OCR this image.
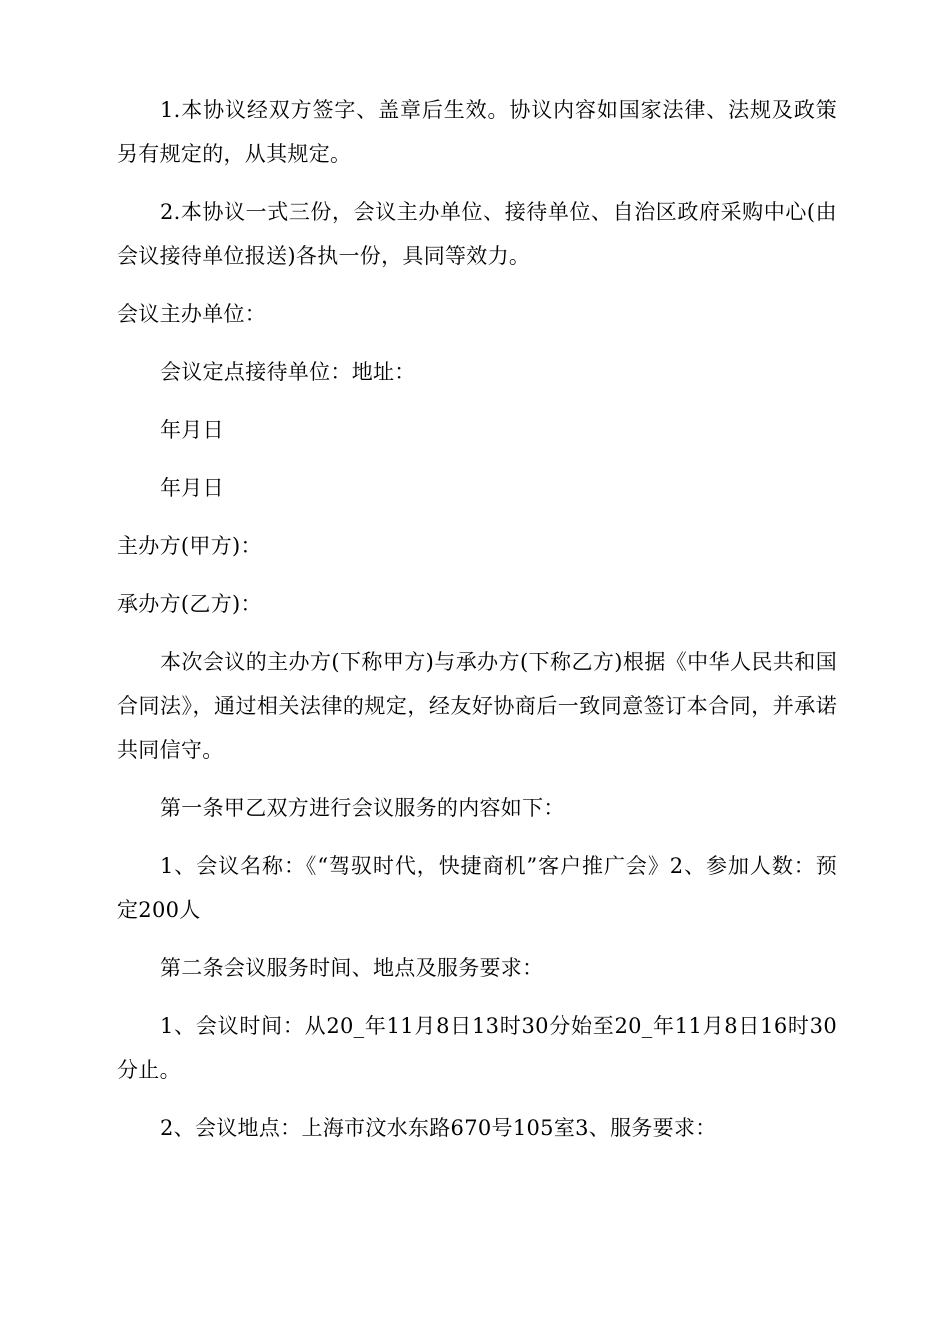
1.本协议经双方签字、盖章后生效。协议内容如国家法律、法规及政策另有规定的，从其规定。

2.本协议一式三份，会议主办单位、接待单位、自治区政府采购中心(由会议接待单位报送)各执一份，具同等效力。

会议主办单位：

会议定点接待单位：地址：

年月日

年月日

主办方(甲方)：

承办方(乙方)：

本次会议的主办方(下称甲方)与承办方(下称乙方)根据《中华人民共和国合同法》，通过相关法律的规定，经友好协商后一致同意签订本合同，并承诺共同信守。

第一条甲乙双方进行会议服务的内容如下：

1、会议名称：《“驾驭时代，快捷商机”客户推广会》2、参加人数：预定200人

第二条会议服务时间、地点及服务要求：

1、会议时间：从20_年11月8日13时30分始至20_年11月8日16时30分止。

2、会议地点：上海市汶水东路670号105室3、服务要求：
